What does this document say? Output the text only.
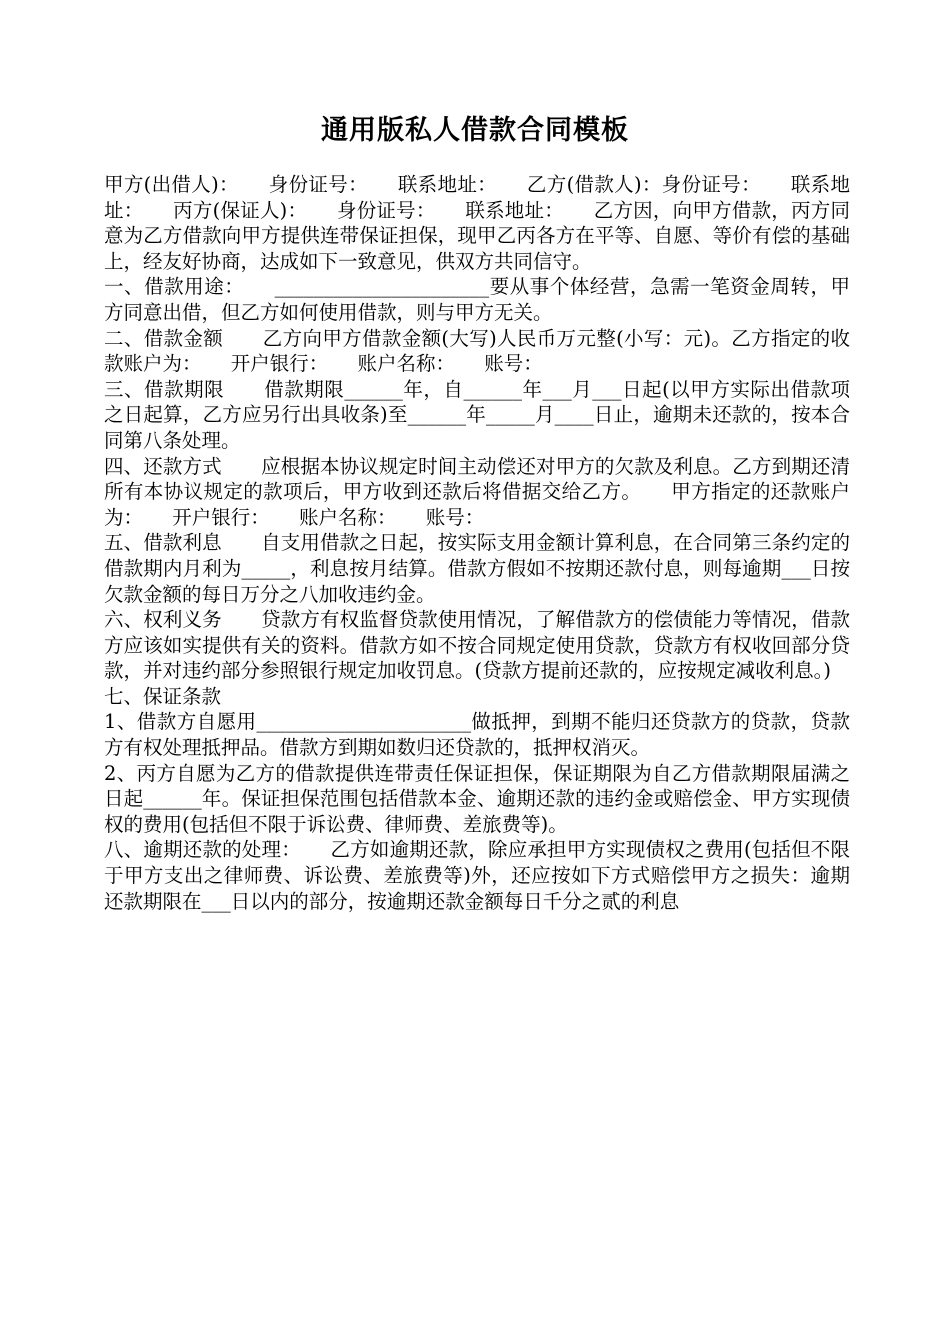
通用版私人借款合同模板

甲方(出借人)：　　身份证号：　　联系地址：　　乙方(借款人)：身份证号：　　联系地址：　　丙方(保证人)：　　身份证号：　　联系地址：　　乙方因，向甲方借款，丙方同意为乙方借款向甲方提供连带保证担保，现甲乙丙各方在平等、自愿、等价有偿的基础上，经友好协商，达成如下一致意见，供双方共同信守。

一、借款用途：　　______________________要从事个体经营，急需一笔资金周转，甲方同意出借，但乙方如何使用借款，则与甲方无关。

二、借款金额　　乙方向甲方借款金额(大写)人民币万元整(小写：元)。乙方指定的收款账户为：　　开户银行：　　账户名称：　　账号：

三、借款期限　　借款期限______年，自______年___月___日起(以甲方实际出借款项之日起算，乙方应另行出具收条)至______年_____月____日止，逾期未还款的，按本合同第八条处理。

四、还款方式　　应根据本协议规定时间主动偿还对甲方的欠款及利息。乙方到期还清所有本协议规定的款项后，甲方收到还款后将借据交给乙方。　　甲方指定的还款账户为：　　开户银行：　　账户名称：　　账号：

五、借款利息　　自支用借款之日起，按实际支用金额计算利息，在合同第三条约定的借款期内月利为_____，利息按月结算。借款方假如不按期还款付息，则每逾期___日按欠款金额的每日万分之八加收违约金。

六、权利义务　　贷款方有权监督贷款使用情况，了解借款方的偿债能力等情况，借款方应该如实提供有关的资料。借款方如不按合同规定使用贷款，贷款方有权收回部分贷款，并对违约部分参照银行规定加收罚息。(贷款方提前还款的，应按规定减收利息。)

七、保证条款

1、借款方自愿用______________________做抵押，到期不能归还贷款方的贷款，贷款方有权处理抵押品。借款方到期如数归还贷款的，抵押权消灭。

2、丙方自愿为乙方的借款提供连带责任保证担保，保证期限为自乙方借款期限届满之日起______年。保证担保范围包括借款本金、逾期还款的违约金或赔偿金、甲方实现债权的费用(包括但不限于诉讼费、律师费、差旅费等)。

八、逾期还款的处理：　　乙方如逾期还款，除应承担甲方实现债权之费用(包括但不限于甲方支出之律师费、诉讼费、差旅费等)外，还应按如下方式赔偿甲方之损失：逾期还款期限在___日以内的部分，按逾期还款金额每日千分之贰的利息
